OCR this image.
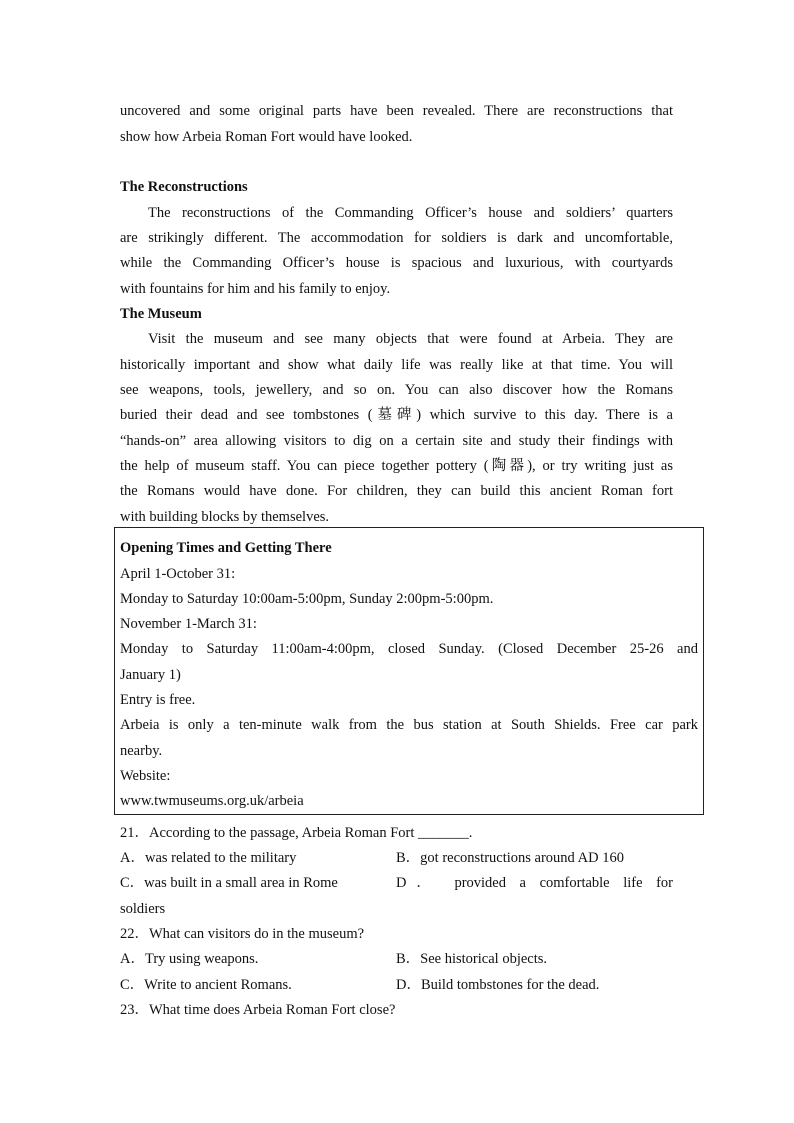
uncovered and some original parts have been revealed. There are reconstructions that
show how Arbeia Roman Fort would have looked.
The Reconstructions
The reconstructions of the Commanding Officer’s house and soldiers’ quarters
are strikingly different. The accommodation for soldiers is dark and uncomfortable,
while the Commanding Officer’s house is spacious and luxurious, with courtyards
with fountains for him and his family to enjoy.
The Museum
Visit the museum and see many objects that were found at Arbeia. They are
historically important and show what daily life was really like at that time. You will
see weapons, tools, jewellery, and so on. You can also discover how the Romans
buried their dead and see tombstones (墓碑) which survive to this day. There is a
“hands-on” area allowing visitors to dig on a certain site and study their findings with
the help of museum staff. You can piece together pottery (陶器), or try writing just as
the Romans would have done. For children, they can build this ancient Roman fort
with building blocks by themselves.
Opening Times and Getting There
April 1-October 31:
Monday to Saturday 10:00am-5:00pm, Sunday 2:00pm-5:00pm.
November 1-March 31:
Monday to Saturday 11:00am-4:00pm, closed Sunday. (Closed December 25-26 and
January 1)
Entry is free.
Arbeia is only a ten-minute walk from the bus station at South Shields. Free car park
nearby.
Website:
www.twmuseums.org.uk/arbeia
21．According to the passage, Arbeia Roman Fort _______.
A．was related to the military	B．got reconstructions around AD 160
C．was built in a small area in Rome	D． provided a comfortable life for
soldiers
22．What can visitors do in the museum?
A．Try using weapons.	B．See historical objects.
C．Write to ancient Romans.	D．Build tombstones for the dead.
23．What time does Arbeia Roman Fort close?
